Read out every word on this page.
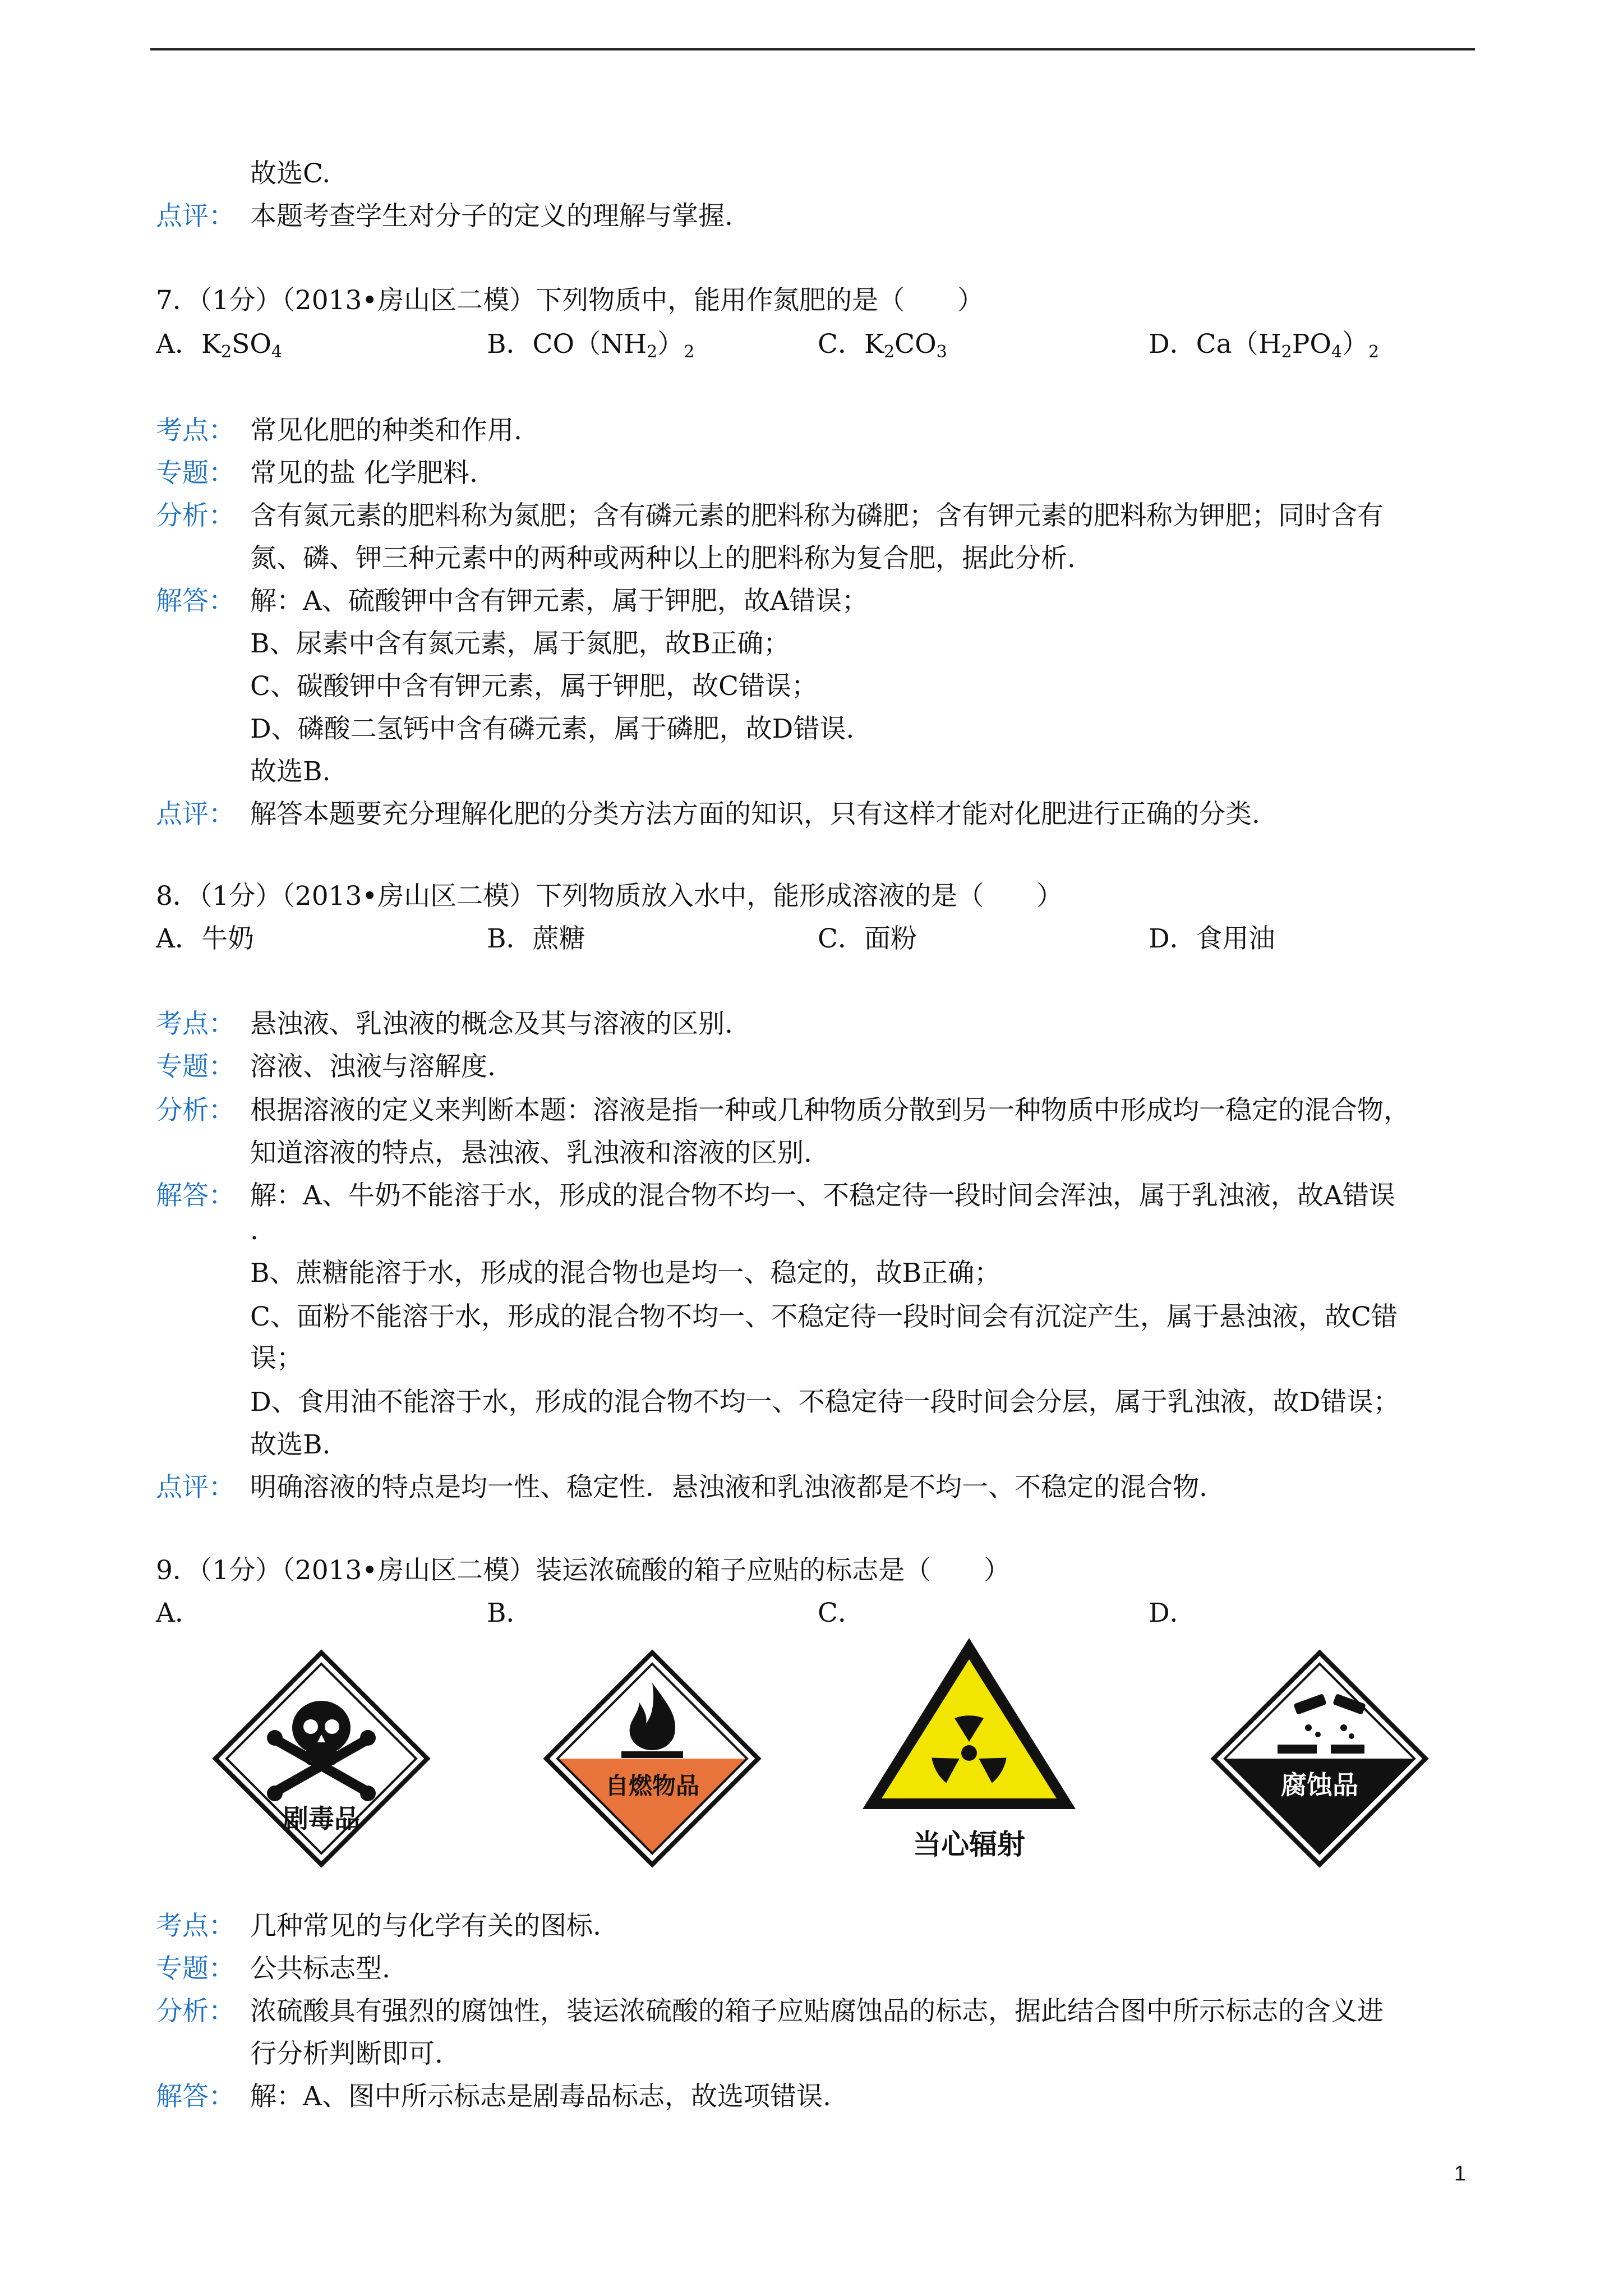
故选C.
点评： 本题考查学生对分子的定义的理解与掌握.
7．（1分）（2013•房山区二模）下列物质中，能用作氮肥的是（　　）
A．$K_2SO_4$	B．$CO(NH_2)_2$	C．$K_2CO_3$	D．$Ca(H_2PO_4)_2$
考点： 常见化肥的种类和作用.
专题： 常见的盐 化学肥料.
分析： 含有氮元素的肥料称为氮肥；含有磷元素的肥料称为磷肥；含有钾元素的肥料称为钾肥；同时含有
氮、磷、钾三种元素中的两种或两种以上的肥料称为复合肥，据此分析.
解答： 解：A、硫酸钾中含有钾元素，属于钾肥，故A错误；
B、尿素中含有氮元素，属于氮肥，故B正确；
C、碳酸钾中含有钾元素，属于钾肥，故C错误；
D、磷酸二氢钙中含有磷元素，属于磷肥，故D错误.
故选B.
点评： 解答本题要充分理解化肥的分类方法方面的知识，只有这样才能对化肥进行正确的分类.
8．（1分）（2013•房山区二模）下列物质放入水中，能形成溶液的是（　　）
A．牛奶	B．蔗糖	C．面粉	D．食用油
考点： 悬浊液、乳浊液的概念及其与溶液的区别.
专题： 溶液、浊液与溶解度.
分析： 根据溶液的定义来判断本题：溶液是指一种或几种物质分散到另一种物质中形成均一稳定的混合物，
知道溶液的特点，悬浊液、乳浊液和溶液的区别.
解答： 解：A、牛奶不能溶于水，形成的混合物不均一、不稳定待一段时间会浑浊，属于乳浊液，故A错误
.
B、蔗糖能溶于水，形成的混合物也是均一、稳定的，故B正确；
C、面粉不能溶于水，形成的混合物不均一、不稳定待一段时间会有沉淀产生，属于悬浊液，故C错
误；
D、食用油不能溶于水，形成的混合物不均一、不稳定待一段时间会分层，属于乳浊液，故D错误；
故选B.
点评： 明确溶液的特点是均一性、稳定性．悬浊液和乳浊液都是不均一、不稳定的混合物.
9．（1分）（2013•房山区二模）装运浓硫酸的箱子应贴的标志是（　　）
A．	B．	C．	D．
剧毒品
自燃物品
当心辐射
腐蚀品
考点： 几种常见的与化学有关的图标.
专题： 公共标志型.
分析： 浓硫酸具有强烈的腐蚀性，装运浓硫酸的箱子应贴腐蚀品的标志，据此结合图中所示标志的含义进
行分析判断即可.
解答： 解：A、图中所示标志是剧毒品标志，故选项错误.
1
